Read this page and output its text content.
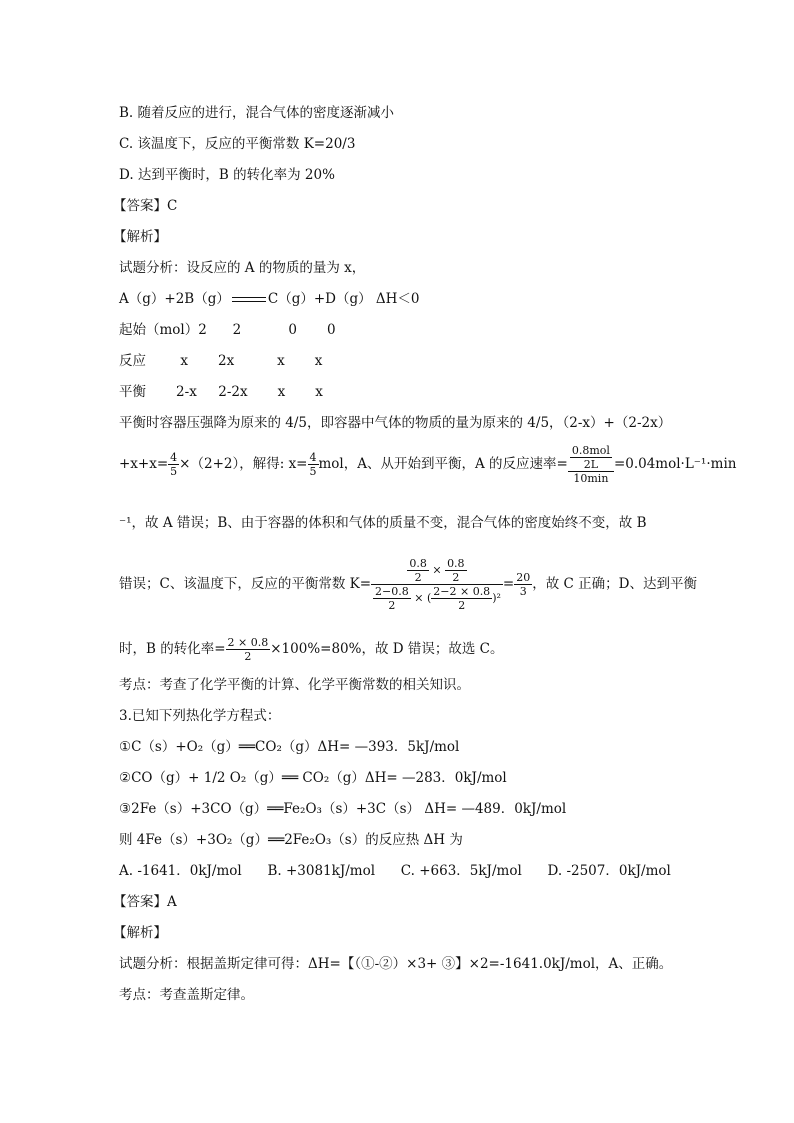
B. 随着反应的进行，混合气体的密度逐渐减小
C. 该温度下，反应的平衡常数 K=20/3
D. 达到平衡时，B 的转化率为 20%
【答案】C
【解析】
试题分析：设反应的 A 的物质的量为 x，
A（g）+2B（g）	C（g）+D（g） ΔH＜0
起始（mol）2      2           0       0
反应        x       2x          x       x
平衡       2-x     2-2x       x       x
平衡时容器压强降为原来的 4/5，即容器中气体的物质的量为原来的 4/5，（2-x）+（2-2x）
$+x+x= \frac{4}{5} \times(2+2)$，解得: $x= \frac{4}{5}$ mol，A、从开始到平衡，A 的反应速率= $\frac{\frac{\text{0.8mol}}{2L}}{10\min} =0.04mol\cdot L^{-1}\cdot\min$
⁻¹，故 A 错误；B、由于容器的体积和气体的质量不变，混合气体的密度始终不变，故 B
错误；C、该温度下，反应的平衡常数 $K= \frac{\frac{0.8}{2} \times \frac{0.8}{2}}{\frac{2-0.8}{2} \times ( \frac{2-2 \times 0.8}{2} )^2} = \frac{20}{3}$ ，故 C 正确；D、达到平衡
时，B 的转化率= $\frac{2 \times 0.8}{2} \times 100\%=80\%$，故 D 错误；故选 C。
考点：考查了化学平衡的计算、化学平衡常数的相关知识。
3.已知下列热化学方程式：
①C（s）+O₂（g）══CO₂（g）ΔH= —393．5kJ/mol
②CO（g）+ 1/2 O₂（g）══ CO₂（g）ΔH= —283．0kJ/mol
③2Fe（s）+3CO（g）══Fe₂O₃（s）+3C（s） ΔH= —489．0kJ/mol
则 4Fe（s）+3O₂（g）══2Fe₂O₃（s）的反应热 ΔH 为
A. -1641．0kJ/mol      B. +3081kJ/mol      C. +663．5kJ/mol      D. -2507．0kJ/mol
【答案】A
【解析】
试题分析：根据盖斯定律可得：ΔH=【（①-②）×3+ ③】×2=-1641.0kJ/mol，A、正确。
考点：考查盖斯定律。
